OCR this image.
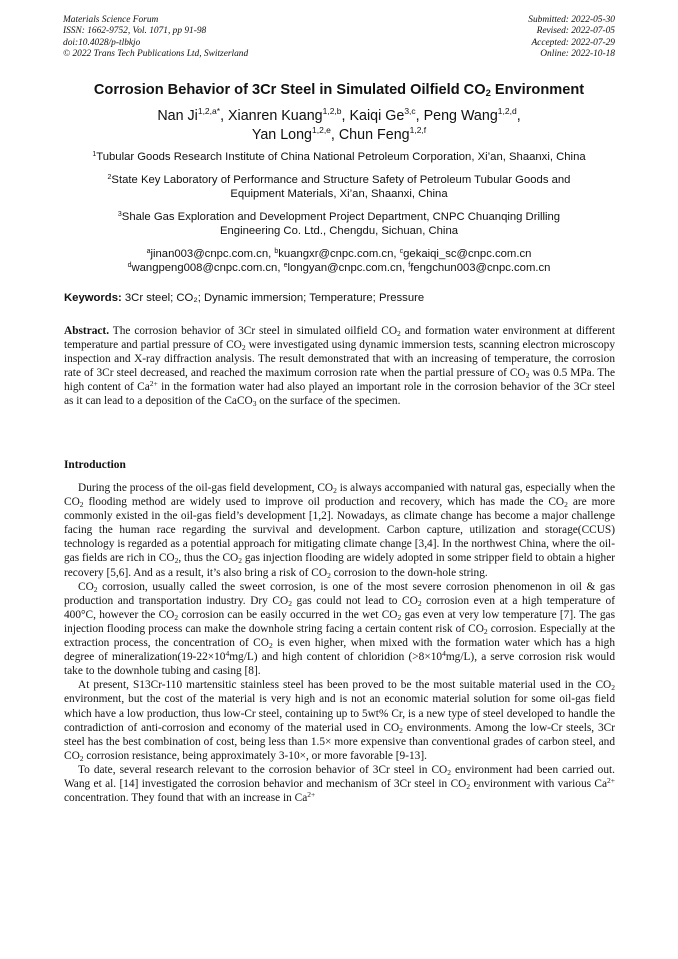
Materials Science Forum
ISSN: 1662-9752, Vol. 1071, pp 91-98
doi:10.4028/p-tlbkjo
© 2022 Trans Tech Publications Ltd, Switzerland
Submitted: 2022-05-30
Revised: 2022-07-05
Accepted: 2022-07-29
Online: 2022-10-18
Corrosion Behavior of 3Cr Steel in Simulated Oilfield $CO_2$ Environment
Nan $Ji^{1,2,a*}$, Xianren Kuang$^{1,2,b}$, Kaiqi Ge$^{3,c}$, Peng Wang$^{1,2,d}$,
Yan Long$^{1,2,e}$, Chun Feng$^{1,2,f}$
$^1$Tubular Goods Research Institute of China National Petroleum Corporation, Xi’an, Shaanxi, China
$^2$State Key Laboratory of Performance and Structure Safety of Petroleum Tubular Goods and
Equipment Materials, Xi’an, Shaanxi, China
$^3$Shale Gas Exploration and Development Project Department, CNPC Chuanqing Drilling
Engineering Co. Ltd., Chengdu, Sichuan, China
$^a$jinan003@cnpc.com.cn, $^b$kuangxr@cnpc.com.cn, $^c$gekaiqi_sc@cnpc.com.cn
$^d$wangpeng008@cnpc.com.cn, $^e$longyan@cnpc.com.cn, $^f$fengchun003@cnpc.com.cn
Keywords: 3Cr steel; CO₂; Dynamic immersion; Temperature; Pressure
Abstract. The corrosion behavior of 3Cr steel in simulated oilfield $CO_2$ and formation water environment at different temperature and partial pressure of $CO_2$ were investigated using dynamic immersion tests, scanning electron microscopy inspection and X-ray diffraction analysis. The result demonstrated that with an increasing of temperature, the corrosion rate of 3Cr steel decreased, and reached the maximum corrosion rate when the partial pressure of $CO_2$ was 0.5 MPa. The high content of $Ca^{2+}$ in the formation water had also played an important role in the corrosion behavior of the 3Cr steel as it can lead to a deposition of the CaCO$_3$ on the surface of the specimen.
Introduction

During the process of the oil-gas field development, $CO_2$ is always accompanied with natural gas, especially when the $CO_2$ flooding method are widely used to improve oil production and recovery, which has made the $CO_2$ are more commonly existed in the oil-gas field’s development [1,2]. Nowadays, as climate change has become a major challenge facing the human race regarding the survival and development. Carbon capture, utilization and storage(CCUS) technology is regarded as a potential approach for mitigating climate change [3,4]. In the northwest China, where the oil-gas fields are rich in $CO_2$, thus the $CO_2$ gas injection flooding are widely adopted in some stripper field to obtain a higher recovery [5,6]. And as a result, it’s also bring a risk of $CO_2$ corrosion to the down-hole string.

$CO_2$ corrosion, usually called the sweet corrosion, is one of the most severe corrosion phenomenon in oil & gas production and transportation industry. Dry $CO_2$ gas could not lead to $CO_2$ corrosion even at a high temperature of 400°C, however the $CO_2$ corrosion can be easily occurred in the wet $CO_2$ gas even at very low temperature [7]. The gas injection flooding process can make the downhole string facing a certain content risk of $CO_2$ corrosion. Especially at the extraction process, the concentration of $CO_2$ is even higher, when mixed with the formation water which has a high degree of $mineralization(19-22\times 10^4mg/L)$ and high content of chloridion $(>8\times 10^4mg/L)$, a serve corrosion risk would take to the downhole tubing and casing [8].

At present, S13Cr-110 martensitic stainless steel has been proved to be the most suitable material used in the $CO_2$ environment, but the cost of the material is very high and is not an economic material solution for some oil-gas field which have a low production, thus low-Cr steel, containing up to 5wt% Cr, is a new type of steel developed to handle the contradiction of anti-corrosion and economy of the material used in $CO_2$ environments. Among the low-Cr steels, 3Cr steel has the best combination of cost, being less than 1.5× more expensive than conventional grades of carbon steel, and $CO_2$ corrosion resistance, being approximately 3-10×, or more favorable [9-13].

To date, several research relevant to the corrosion behavior of 3Cr steel in $CO_2$ environment had been carried out. Wang et al. [14] investigated the corrosion behavior and mechanism of 3Cr steel in $CO_2$ environment with various $Ca^{2+}$ concentration. They found that with an increase in $Ca^{2+}$
